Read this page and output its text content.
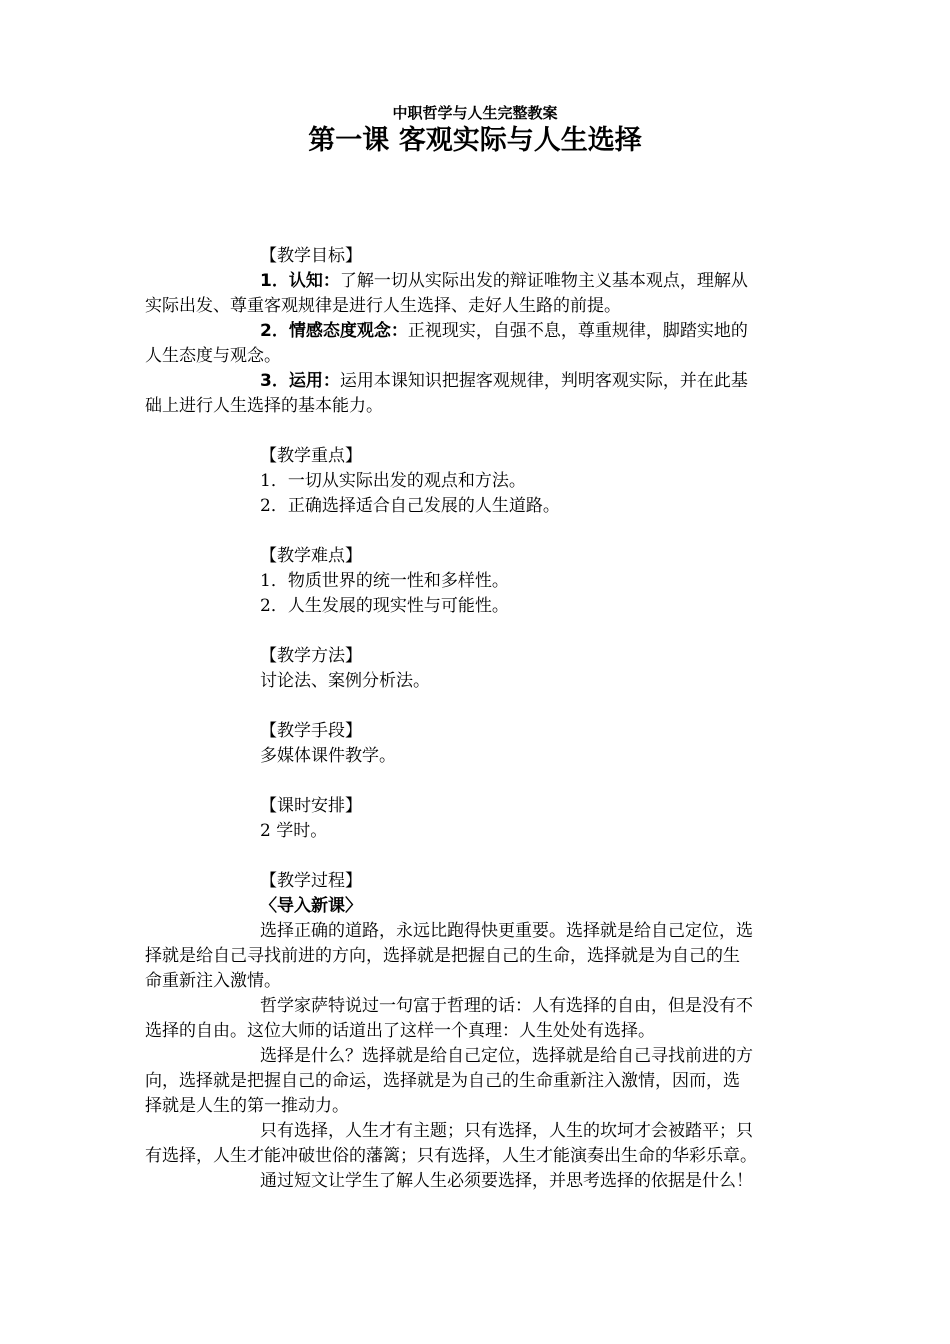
中职哲学与人生完整教案
第一课 客观实际与人生选择

【教学目标】

1．认知：了解一切从实际出发的辩证唯物主义基本观点，理解从

实际出发、尊重客观规律是进行人生选择、走好人生路的前提。

2．情感态度观念：正视现实，自强不息，尊重规律，脚踏实地的

人生态度与观念。

3．运用：运用本课知识把握客观规律，判明客观实际，并在此基

础上进行人生选择的基本能力。

【教学重点】

1．一切从实际出发的观点和方法。

2．正确选择适合自己发展的人生道路。

【教学难点】

1．物质世界的统一性和多样性。

2．人生发展的现实性与可能性。

【教学方法】

讨论法、案例分析法。

【教学手段】

多媒体课件教学。

【课时安排】

2 学时。

【教学过程】

〈导入新课〉

选择正确的道路，永远比跑得快更重要。选择就是给自己定位，选

择就是给自己寻找前进的方向，选择就是把握自己的生命，选择就是为自己的生

命重新注入激情。

哲学家萨特说过一句富于哲理的话：人有选择的自由，但是没有不

选择的自由。这位大师的话道出了这样一个真理：人生处处有选择。

选择是什么？选择就是给自己定位，选择就是给自己寻找前进的方

向，选择就是把握自己的命运，选择就是为自己的生命重新注入激情，因而，选

择就是人生的第一推动力。

只有选择，人生才有主题；只有选择，人生的坎坷才会被踏平；只

有选择，人生才能冲破世俗的藩篱；只有选择，人生才能演奏出生命的华彩乐章。

通过短文让学生了解人生必须要选择，并思考选择的依据是什么！
